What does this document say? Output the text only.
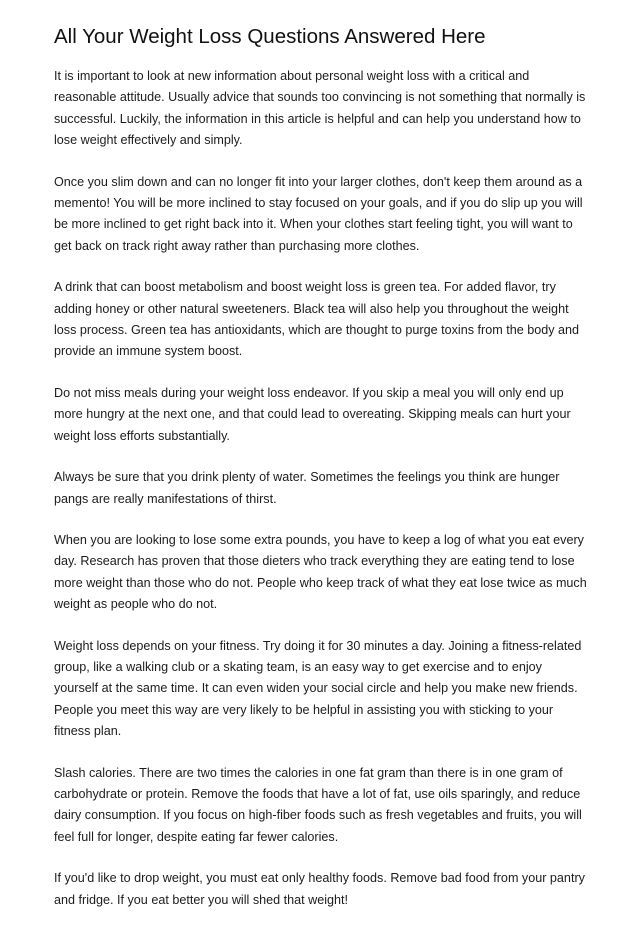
All Your Weight Loss Questions Answered Here

It is important to look at new information about personal weight loss with a critical and reasonable attitude. Usually advice that sounds too convincing is not something that normally is successful. Luckily, the information in this article is helpful and can help you understand how to lose weight effectively and simply.

Once you slim down and can no longer fit into your larger clothes, don't keep them around as a memento! You will be more inclined to stay focused on your goals, and if you do slip up you will be more inclined to get right back into it. When your clothes start feeling tight, you will want to get back on track right away rather than purchasing more clothes.

A drink that can boost metabolism and boost weight loss is green tea. For added flavor, try adding honey or other natural sweeteners. Black tea will also help you throughout the weight loss process. Green tea has antioxidants, which are thought to purge toxins from the body and provide an immune system boost.

Do not miss meals during your weight loss endeavor. If you skip a meal you will only end up more hungry at the next one, and that could lead to overeating. Skipping meals can hurt your weight loss efforts substantially.

Always be sure that you drink plenty of water. Sometimes the feelings you think are hunger pangs are really manifestations of thirst.

When you are looking to lose some extra pounds, you have to keep a log of what you eat every day. Research has proven that those dieters who track everything they are eating tend to lose more weight than those who do not. People who keep track of what they eat lose twice as much weight as people who do not.

Weight loss depends on your fitness. Try doing it for 30 minutes a day. Joining a fitness-related group, like a walking club or a skating team, is an easy way to get exercise and to enjoy yourself at the same time. It can even widen your social circle and help you make new friends. People you meet this way are very likely to be helpful in assisting you with sticking to your fitness plan.

Slash calories. There are two times the calories in one fat gram than there is in one gram of carbohydrate or protein. Remove the foods that have a lot of fat, use oils sparingly, and reduce dairy consumption. If you focus on high-fiber foods such as fresh vegetables and fruits, you will feel full for longer, despite eating far fewer calories.

If you'd like to drop weight, you must eat only healthy foods. Remove bad food from your pantry and fridge. If you eat better you will shed that weight!
